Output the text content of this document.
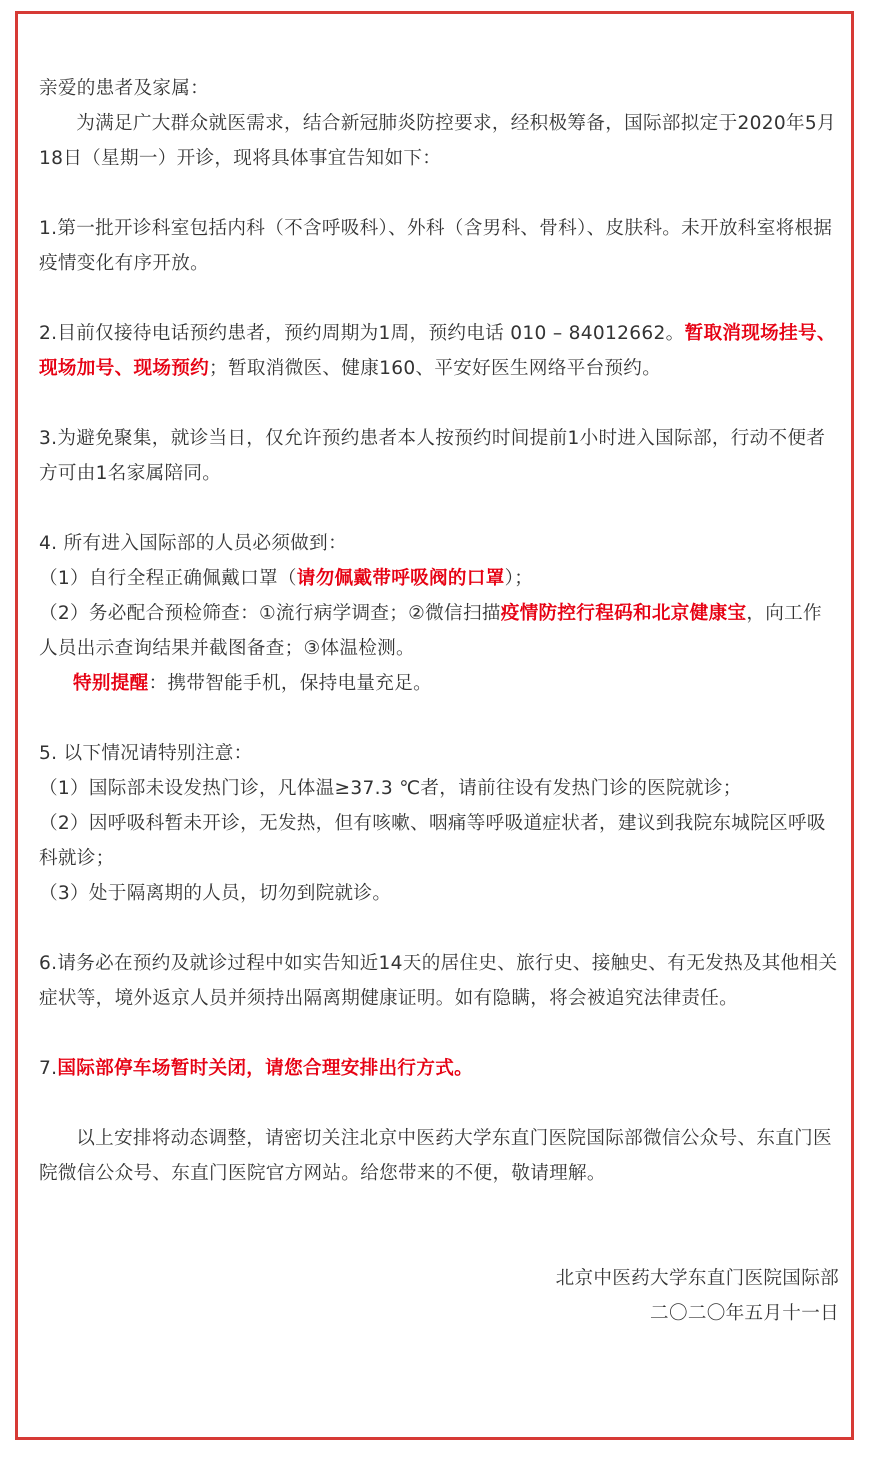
亲爱的患者及家属：

为满足广大群众就医需求，结合新冠肺炎防控要求，经积极筹备，国际部拟定于2020年5月18日（星期一）开诊，现将具体事宜告知如下：

1.第一批开诊科室包括内科（不含呼吸科）、外科（含男科、骨科）、皮肤科。未开放科室将根据疫情变化有序开放。

2.目前仅接待电话预约患者，预约周期为1周，预约电话 010 – 84012662。暂取消现场挂号、现场加号、现场预约；暂取消微医、健康160、平安好医生网络平台预约。

3.为避免聚集，就诊当日，仅允许预约患者本人按预约时间提前1小时进入国际部，行动不便者方可由1名家属陪同。

4. 所有进入国际部的人员必须做到：

（1）自行全程正确佩戴口罩（请勿佩戴带呼吸阀的口罩）；

（2）务必配合预检筛查：①流行病学调查；②微信扫描疫情防控行程码和北京健康宝，向工作人员出示查询结果并截图备查；③体温检测。

特别提醒：携带智能手机，保持电量充足。

5. 以下情况请特别注意：

（1）国际部未设发热门诊，凡体温≥37.3 ℃者，请前往设有发热门诊的医院就诊；

（2）因呼吸科暂未开诊，无发热，但有咳嗽、咽痛等呼吸道症状者，建议到我院东城院区呼吸科就诊；

（3）处于隔离期的人员，切勿到院就诊。

6.请务必在预约及就诊过程中如实告知近14天的居住史、旅行史、接触史、有无发热及其他相关症状等，境外返京人员并须持出隔离期健康证明。如有隐瞒，将会被追究法律责任。

7.国际部停车场暂时关闭，请您合理安排出行方式。

以上安排将动态调整，请密切关注北京中医药大学东直门医院国际部微信公众号、东直门医院微信公众号、东直门医院官方网站。给您带来的不便，敬请理解。

北京中医药大学东直门医院国际部

二〇二〇年五月十一日
